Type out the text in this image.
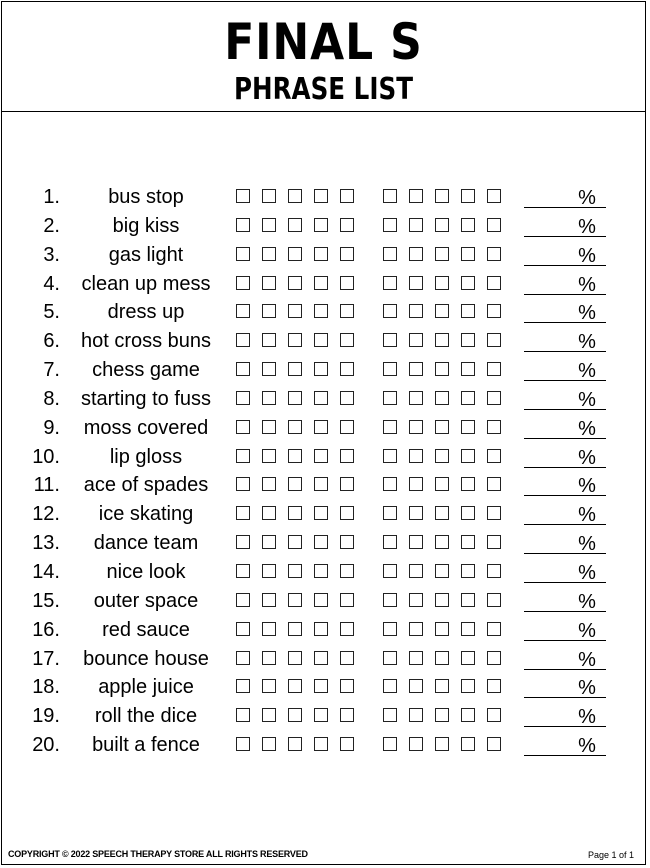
FINAL S
PHRASE LIST
1.	bus stop	%
2.	big kiss	%
3.	gas light	%
4.	clean up mess	%
5.	dress up	%
6.	hot cross buns	%
7.	chess game	%
8.	starting to fuss	%
9.	moss covered	%
10.	lip gloss	%
11.	ace of spades	%
12.	ice skating	%
13.	dance team	%
14.	nice look	%
15.	outer space	%
16.	red sauce	%
17.	bounce house	%
18.	apple juice	%
19.	roll the dice	%
20.	built a fence	%
COPYRIGHT © 2022 SPEECH THERAPY STORE ALL RIGHTS RESERVED	Page 1 of 1
